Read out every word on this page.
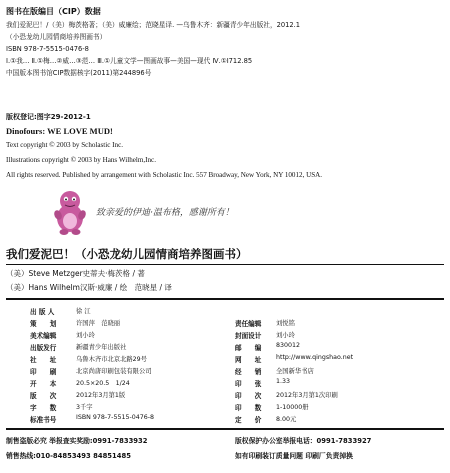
图书在版编目（CIP）数据
我们爱泥巴！/（美）梅茨格著；（美）威廉绘；范晓星译. —乌鲁木齐：新疆青少年出版社，2012.1
（小恐龙幼儿园情商培养图画书）
ISBN 978-7-5515-0476-8
Ⅰ.①我… Ⅱ.①梅…②威…③范… Ⅲ.①儿童文学—图画故事—美国—现代 Ⅳ.①I712.85
中国版本图书馆CIP数据核字(2011)第244896号
版权登记:图字29-2012-1
Dinofours: WE LOVE MUD!
Text copyright © 2003 by Scholastic Inc.
Illustrations copyright © 2003 by Hans Wilhelm,Inc.
All rights reserved. Published by arrangement with Scholastic Inc. 557 Broadway, New York, NY 10012, USA.
致亲爱的伊迪·温布格，感谢所有！
我们爱泥巴！（小恐龙幼儿园情商培养图画书）
（美）Steve Metzger史蒂夫·梅茨格 / 著
（美）Hans Wilhelm汉斯·威廉 / 绘　范晓星 / 译
出 版 人	徐 江
策　　划	许国萍　范晓丽
美术编辑	刘小玲
出版发行	新疆青少年出版社
社　　址	乌鲁木齐市北京北路29号
印　　刷	北京尚唐印刷包装有限公司
开　　本	20.5×20.5　1/24
版　　次	2012年3月第1版
字　　数	3千字
标准书号	ISBN 978-7-5515-0476-8
责任编辑 刘悦铭
封面设计 刘小玲
邮　　编 830012
网　　址 http://www.qingshao.net
经　　销 全国新华书店
印　　张 1.33
印　　次 2012年3月第1次印刷
印　　数 1-10000册
定　　价 8.00元
制售盗版必究 举报查实奖励:0991-7833932
销售热线:010-84853493 84851485
版权保护办公室举报电话：0991-7833927
如有印刷装订质量问题 印刷厂负责掉换
